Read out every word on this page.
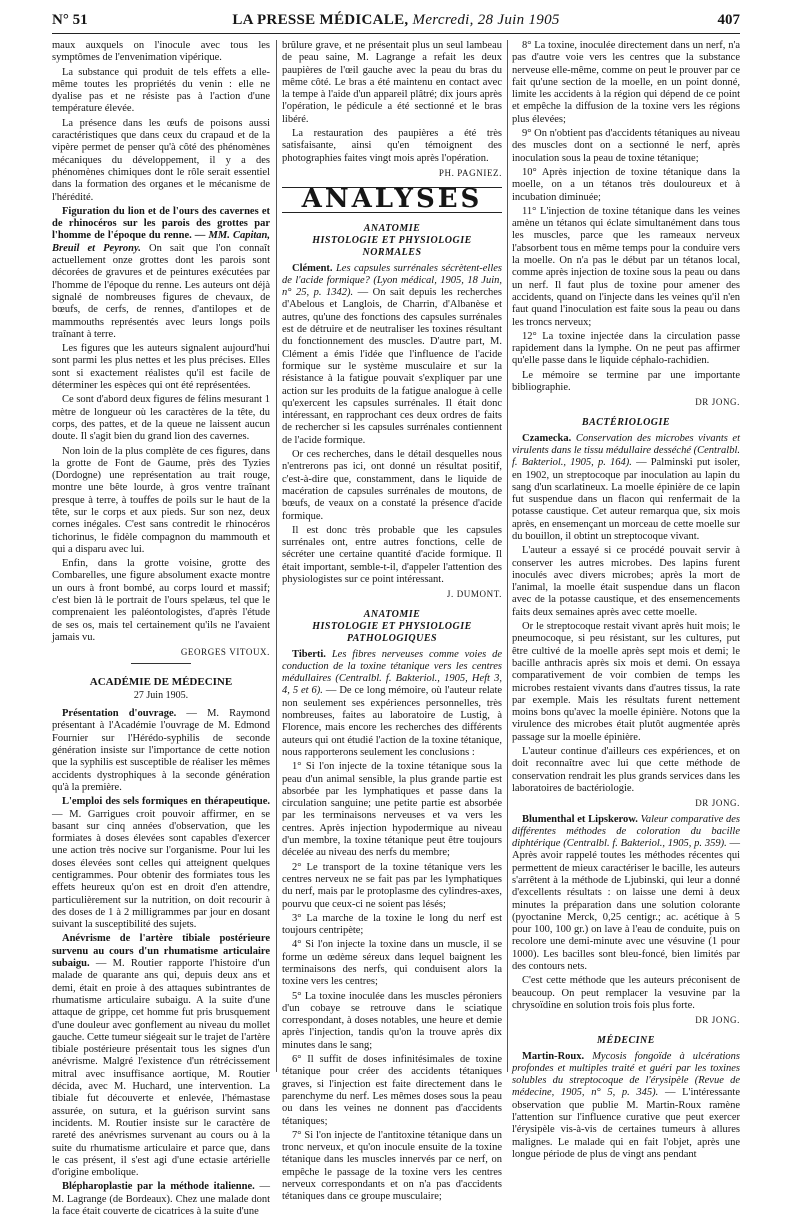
N° 51	LA PRESSE MÉDICALE, Mercredi, 28 Juin 1905	407

maux auxquels on l'inocule avec tous les symptômes de l'envenimation vipérique.

La substance qui produit de tels effets a elle-même toutes les propriétés du venin : elle ne dyalise pas et ne résiste pas à l'action d'une température élevée.

La présence dans les œufs de poisons aussi caractéristiques que dans ceux du crapaud et de la vipère permet de penser qu'à côté des phénomènes mécaniques du développement, il y a des phénomènes chimiques dont le rôle serait essentiel dans la formation des organes et le mécanisme de l'hérédité.

Figuration du lion et de l'ours des cavernes et de rhinocéros sur les parois des grottes par l'homme de l'époque du renne. — MM. Capitan, Breuil et Peyrony. On sait que l'on connaît actuellement onze grottes dont les parois sont décorées de gravures et de peintures exécutées par l'homme de l'époque du renne. Les auteurs ont déjà signalé de nombreuses figures de chevaux, de bœufs, de cerfs, de rennes, d'antilopes et de mammouths représentés avec leurs longs poils traînant à terre.

Les figures que les auteurs signalent aujourd'hui sont parmi les plus nettes et les plus précises. Elles sont si exactement réalistes qu'il est facile de déterminer les espèces qui ont été représentées.

Ce sont d'abord deux figures de félins mesurant 1 mètre de longueur où les caractères de la tête, du corps, des pattes, et de la queue ne laissent aucun doute. Il s'agit bien du grand lion des cavernes.

Non loin de la plus complète de ces figures, dans la grotte de Font de Gaume, près des Tyzies (Dordogne) une représentation au trait rouge, montre une bête lourde, à gros ventre traînant presque à terre, à touffes de poils sur le haut de la tête, sur le corps et aux pieds. Sur son nez, deux cornes inégales. C'est sans contredit le rhinocéros tichorinus, le fidèle compagnon du mammouth et qui a disparu avec lui.

Enfin, dans la grotte voisine, grotte des Combarelles, une figure absolument exacte montre un ours à front bombé, au corps lourd et massif; c'est bien là le portrait de l'ours spelæus, tel que le comprenaient les paléontologistes, d'après l'étude de ses os, mais tel certainement qu'ils ne l'avaient jamais vu.

GEORGES VITOUX.

ACADÉMIE DE MÉDECINE

27 Juin 1905.

Présentation d'ouvrage. — M. Raymond présentant à l'Académie l'ouvrage de M. Edmond Fournier sur l'Hérédo-syphilis de seconde génération insiste sur l'importance de cette notion que la syphilis est susceptible de réaliser les mêmes accidents dystrophiques à la seconde génération qu'à la première.

L'emploi des sels formiques en thérapeutique. — M. Garrigues croit pouvoir affirmer, en se basant sur cinq années d'observation, que les formiates à doses élevées sont capables d'exercer une action très nocive sur l'organisme. Pour lui les doses élevées sont celles qui atteignent quelques centigrammes. Pour obtenir des formiates tous les effets heureux qu'on est en droit d'en attendre, particulièrement sur la nutrition, on doit recourir à des doses de 1 à 2 milligrammes par jour en dosant suivant la susceptibilité des sujets.

Anévrisme de l'artère tibiale postérieure survenu au cours d'un rhumatisme articulaire subaigu. — M. Routier rapporte l'histoire d'un malade de quarante ans qui, depuis deux ans et demi, était en proie à des attaques subintrantes de rhumatisme articulaire subaigu. A la suite d'une attaque de grippe, cet homme fut pris brusquement d'une douleur avec gonflement au niveau du mollet gauche. Cette tumeur siégeait sur le trajet de l'artère tibiale postérieure présentait tous les signes d'un anévrisme. Malgré l'existence d'un rétrécissement mitral avec insuffisance aortique, M. Routier décida, avec M. Huchard, une intervention. La tibiale fut découverte et enlevée, l'hémastase assurée, on sutura, et la guérison survint sans incidents. M. Routier insiste sur le caractère de rareté des anévrismes survenant au cours ou à la suite du rhumatisme articulaire et parce que, dans le cas présent, il s'est agi d'une ectasie artérielle d'origine embolique.

Blépharoplastie par la méthode italienne. — M. Lagrange (de Bordeaux). Chez une malade dont la face était couverte de cicatrices à la suite d'une

brûlure grave, et ne présentait plus un seul lambeau de peau saine, M. Lagrange a refait les deux paupières de l'œil gauche avec la peau du bras du même côté. Le bras a été maintenu en contact avec la tempe à l'aide d'un appareil plâtré; dix jours après l'opération, le pédicule a été sectionné et le bras libéré.

La restauration des paupières a été très satisfaisante, ainsi qu'en témoignent des photographies faites vingt mois après l'opération.

PH. PAGNIEZ.

ANALYSES
ANATOMIE
HISTOLOGIE ET PHYSIOLOGIE NORMALES

Clément. Les capsules surrénales sécrètent-elles de l'acide formique? (Lyon médical, 1905, 18 Juin, n° 25, p. 1342). — On sait depuis les recherches d'Abelous et Langlois, de Charrin, d'Albanèse et autres, qu'une des fonctions des capsules surrénales est de détruire et de neutraliser les toxines résultant du fonctionnement des muscles. D'autre part, M. Clément a émis l'idée que l'influence de l'acide formique sur le système musculaire et sur la résistance à la fatigue pouvait s'expliquer par une action sur les produits de la fatigue analogue à celle qu'exercent les capsules surrénales. Il était donc intéressant, en rapprochant ces deux ordres de faits de rechercher si les capsules surrénales contiennent de l'acide formique.

Or ces recherches, dans le détail desquelles nous n'entrerons pas ici, ont donné un résultat positif, c'est-à-dire que, constamment, dans le liquide de macération de capsules surrénales de moutons, de bœufs, de veaux on a constaté la présence d'acide formique.

Il est donc très probable que les capsules surrénales ont, entre autres fonctions, celle de sécréter une certaine quantité d'acide formique. Il était important, semble-t-il, d'appeler l'attention des physiologistes sur ce point intéressant.

J. DUMONT.

ANATOMIE
HISTOLOGIE ET PHYSIOLOGIE PATHOLOGIQUES

Tiberti. Les fibres nerveuses comme voies de conduction de la toxine tétanique vers les centres médullaires (Centralbl. f. Bakteriol., 1905, Heft 3, 4, 5 et 6). — De ce long mémoire, où l'auteur relate non seulement ses expériences personnelles, très nombreuses, faites au laboratoire de Lustig, à Florence, mais encore les recherches des différents auteurs qui ont étudié l'action de la toxine tétanique, nous rapporterons seulement les conclusions :

1° Si l'on injecte de la toxine tétanique sous la peau d'un animal sensible, la plus grande partie est absorbée par les lymphatiques et passe dans la circulation sanguine; une petite partie est absorbée par les terminaisons nerveuses et va vers les centres. Après injection hypodermique au niveau d'un membre, la toxine tétanique peut être toujours décelée au niveau des nerfs du membre;

2° Le transport de la toxine tétanique vers les centres nerveux ne se fait pas par les lymphatiques du nerf, mais par le protoplasme des cylindres-axes, pourvu que ceux-ci ne soient pas lésés;

3° La marche de la toxine le long du nerf est toujours centripète;

4° Si l'on injecte la toxine dans un muscle, il se forme un œdème séreux dans lequel baignent les terminaisons des nerfs, qui conduisent alors la toxine vers les centres;

5° La toxine inoculée dans les muscles péroniers d'un cobaye se retrouve dans le sciatique correspondant, à doses notables, une heure et demie après l'injection, tandis qu'on la trouve après dix minutes dans le sang;

6° Il suffit de doses infinitésimales de toxine tétanique pour créer des accidents tétaniques graves, si l'injection est faite directement dans le parenchyme du nerf. Les mêmes doses sous la peau ou dans les veines ne donnent pas d'accidents tétaniques;

7° Si l'on injecte de l'antitoxine tétanique dans un tronc nerveux, et qu'on inocule ensuite de la toxine tétanique dans les muscles innervés par ce nerf, on empêche le passage de la toxine vers les centres nerveux correspondants et on n'a pas d'accidents tétaniques dans ce groupe musculaire;

8° La toxine, inoculée directement dans un nerf, n'a pas d'autre voie vers les centres que la substance nerveuse elle-même, comme on peut le prouver par ce fait qu'une section de la moelle, en un point donné, limite les accidents à la région qui dépend de ce point et empêche la diffusion de la toxine vers les régions plus élevées;

9° On n'obtient pas d'accidents tétaniques au niveau des muscles dont on a sectionné le nerf, après inoculation sous la peau de toxine tétanique;

10° Après injection de toxine tétanique dans la moelle, on a un tétanos très douloureux et à incubation diminuée;

11° L'injection de toxine tétanique dans les veines amène un tétanos qui éclate simultanément dans tous les muscles, parce que les rameaux nerveux l'absorbent tous en même temps pour la conduire vers la moelle. On n'a pas le début par un tétanos local, comme après injection de toxine sous la peau ou dans un nerf. Il faut plus de toxine pour amener des accidents, quand on l'injecte dans les veines qu'il n'en faut quand l'inoculation est faite sous la peau ou dans les troncs nerveux;

12° La toxine injectée dans la circulation passe rapidement dans la lymphe. On ne peut pas affirmer qu'elle passe dans le liquide céphalo-rachidien.

Le mémoire se termine par une importante bibliographie.

DR JONG.

BACTÉRIOLOGIE

Czamecka. Conservation des microbes vivants et virulents dans le tissu médullaire desséché (Centralbl. f. Bakteriol., 1905, p. 164). — Palminski put isoler, en 1902, un streptocoque par inoculation au lapin du sang d'un scarlatineux. La moelle épinière de ce lapin fut suspendue dans un flacon qui renfermait de la potasse caustique. Cet auteur remarqua que, six mois après, en ensemençant un morceau de cette moelle sur du bouillon, il obtint un streptocoque vivant.

L'auteur a essayé si ce procédé pouvait servir à conserver les autres microbes. Des lapins furent inoculés avec divers microbes; après la mort de l'animal, la moelle était suspendue dans un flacon avec de la potasse caustique, et des ensemencements faits deux semaines après avec cette moelle.

Or le streptocoque restait vivant après huit mois; le pneumocoque, si peu résistant, sur les cultures, put être cultivé de la moelle après sept mois et demi; le bacille anthracis après six mois et demi. On essaya comparativement de voir combien de temps les microbes restaient vivants dans d'autres tissus, la rate par exemple. Mais les résultats furent nettement moins bons qu'avec la moelle épinière. Notons que la virulence des microbes était plutôt augmentée après passage sur la moelle épinière.

L'auteur continue d'ailleurs ces expériences, et on doit reconnaître avec lui que cette méthode de conservation rendrait les plus grands services dans les laboratoires de bactériologie.

DR JONG.

Blumenthal et Lipskerow. Valeur comparative des différentes méthodes de coloration du bacille diphtérique (Centralbl. f. Bakteriol., 1905, p. 359). — Après avoir rappelé toutes les méthodes récentes qui permettent de mieux caractériser le bacille, les auteurs s'arrêtent à la méthode de Ljubinski, qui leur a donné d'excellents résultats : on laisse une demi à deux minutes la préparation dans une solution colorante (pyoctanine Merck, 0,25 centigr.; ac. acétique à 5 pour 100, 100 gr.) on lave à l'eau de conduite, puis on recolore une demi-minute avec une vésuvine (1 pour 1000). Les bacilles sont bleu-foncé, bien limités par des contours nets.

C'est cette méthode que les auteurs préconisent de beaucoup. On peut remplacer la vesuvine par la chrysoïdine en solution trois fois plus forte.

DR JONG.

MÉDECINE

Martin-Roux. Mycosis fongoïde à ulcérations profondes et multiples traité et guéri par les toxines solubles du streptocoque de l'érysipèle (Revue de médecine, 1905, n° 5, p. 345). — L'intéressante observation que publie M. Martin-Roux ramène l'attention sur l'influence curative que peut exercer l'érysipèle vis-à-vis de certaines tumeurs à allures malignes. Le malade qui en fait l'objet, après une longue période de plus de vingt ans pendant
